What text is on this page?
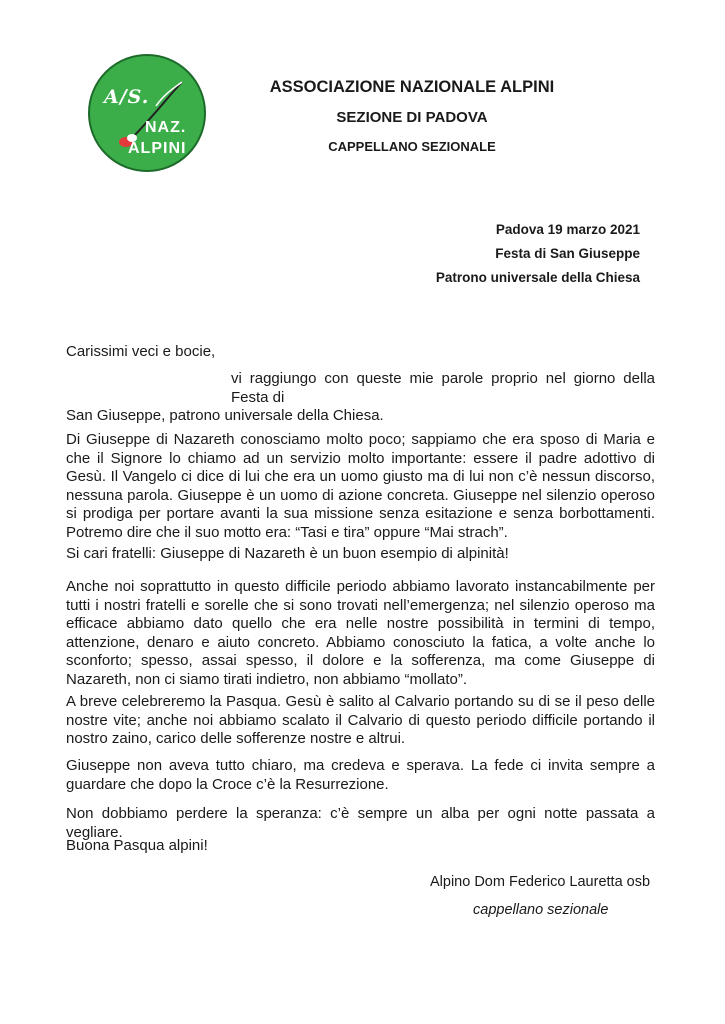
A∕S.
NAZ.
ALPINI
ASSOCIAZIONE NAZIONALE ALPINI
SEZIONE DI PADOVA
CAPPELLANO SEZIONALE
Padova 19 marzo 2021
Festa di San Giuseppe
Patrono universale della Chiesa
Carissimi veci e bocie,
vi raggiungo con queste mie parole proprio nel giorno della Festa di
San Giuseppe, patrono universale della Chiesa.

Di Giuseppe di Nazareth conosciamo molto poco; sappiamo che era sposo di Maria e che il Signore lo chiamo ad un servizio molto importante: essere il padre adottivo di Gesù. Il Vangelo ci dice di lui che era un uomo giusto ma di lui non c’è nessun discorso, nessuna parola. Giuseppe è un uomo di azione concreta. Giuseppe nel silenzio operoso si prodiga per portare avanti la sua missione senza esitazione e senza borbottamenti. Potremo dire che il suo motto era: “Tasi e tira” oppure “Mai strach”.

Si cari fratelli: Giuseppe di Nazareth è un buon esempio di alpinità!

Anche noi soprattutto in questo difficile periodo abbiamo lavorato instancabilmente per tutti i nostri fratelli e sorelle che si sono trovati nell’emergenza; nel silenzio operoso ma efficace abbiamo dato quello che era nelle nostre possibilità in termini di tempo, attenzione, denaro e aiuto concreto. Abbiamo conosciuto la fatica, a volte anche lo sconforto; spesso, assai spesso, il dolore e la sofferenza, ma come Giuseppe di Nazareth, non ci siamo tirati indietro, non abbiamo “mollato”.

A breve celebreremo la Pasqua. Gesù è salito al Calvario portando su di se il peso delle nostre vite; anche noi abbiamo scalato il Calvario di questo periodo difficile portando il nostro zaino, carico delle sofferenze nostre e altrui.

Giuseppe non aveva tutto chiaro, ma credeva e sperava. La fede ci invita sempre a guardare che dopo la Croce c’è la Resurrezione.

Non dobbiamo perdere la speranza: c’è sempre un alba per ogni notte passata a vegliare.

Buona Pasqua alpini!

Alpino Dom Federico Lauretta osb
cappellano sezionale
